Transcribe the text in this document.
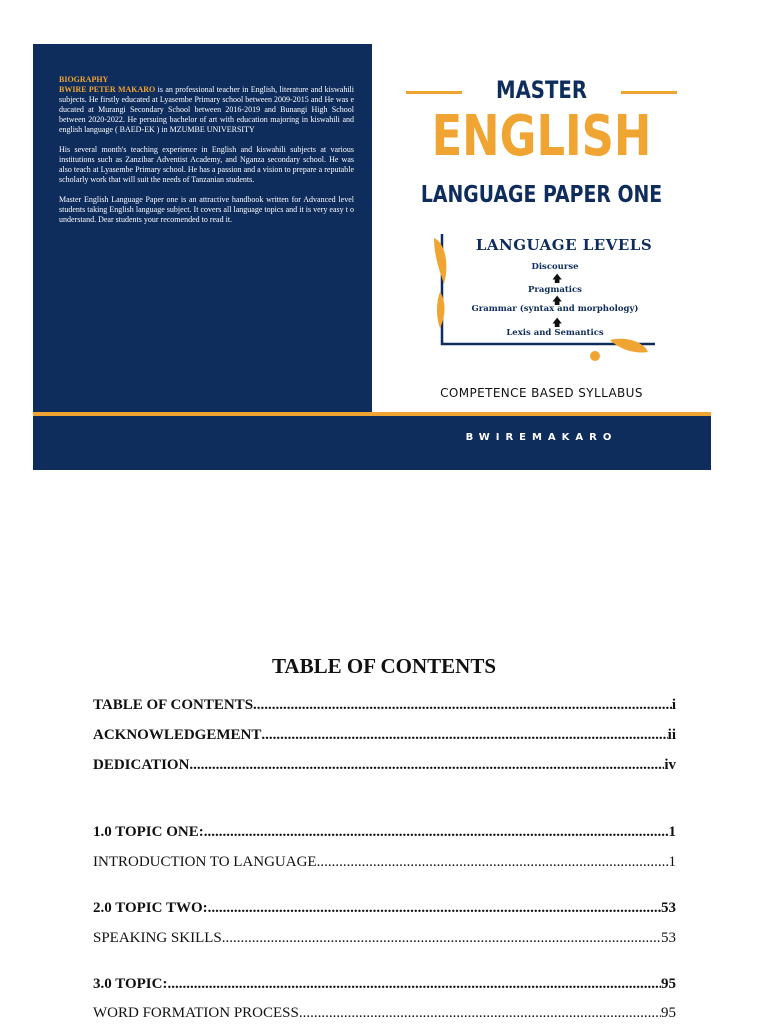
BIOGRAPHY

BWIRE PETER MAKARO is an professional teacher in English, literature and kiswahili subjects. He firstly educated at Lyasembe Primary school between 2009-2015 and He was e ducated at Murangi Secondary School between 2016-2019 and Bunangi High School between 2020-2022. He persuing bachelor of art with education majoring in kiswahili and english language ( BAED-EK ) in MZUMBE UNIVERSITY

His several month's teaching experience in English and kiswahili subjects at various institutions such as Zanzibar Adventist Academy, and Nganza secondary school. He was also teach at Lyasembe Primary school. He has a passion and a vision to prepare a reputable scholarly work that will suit the needs of Tanzanian students.

Master English Language Paper one is an attractive handbook written for Advanced level students taking English language subject. It covers all language topics and it is very easy t o understand. Dear students your recomended to read it.

MASTER
ENGLISH
LANGUAGE PAPER ONE
LANGUAGE LEVELS
Discourse
🡅
Pragmatics
🡅
Grammar (syntax and morphology)
🡅
Lexis and Semantics
COMPETENCE BASED SYLLABUS
BWIREMAKARO
TABLE OF CONTENTS
TABLE OF CONTENTS .....	i
ACKNOWLEDGEMENT .....	ii
DEDICATION .....	iv
1.0 TOPIC ONE: .....	1
INTRODUCTION TO LANGUAGE .....	1
2.0 TOPIC TWO: .....	53
SPEAKING SKILLS .....	53
3.0 TOPIC: .....	95
WORD FORMATION PROCESS .....	95
